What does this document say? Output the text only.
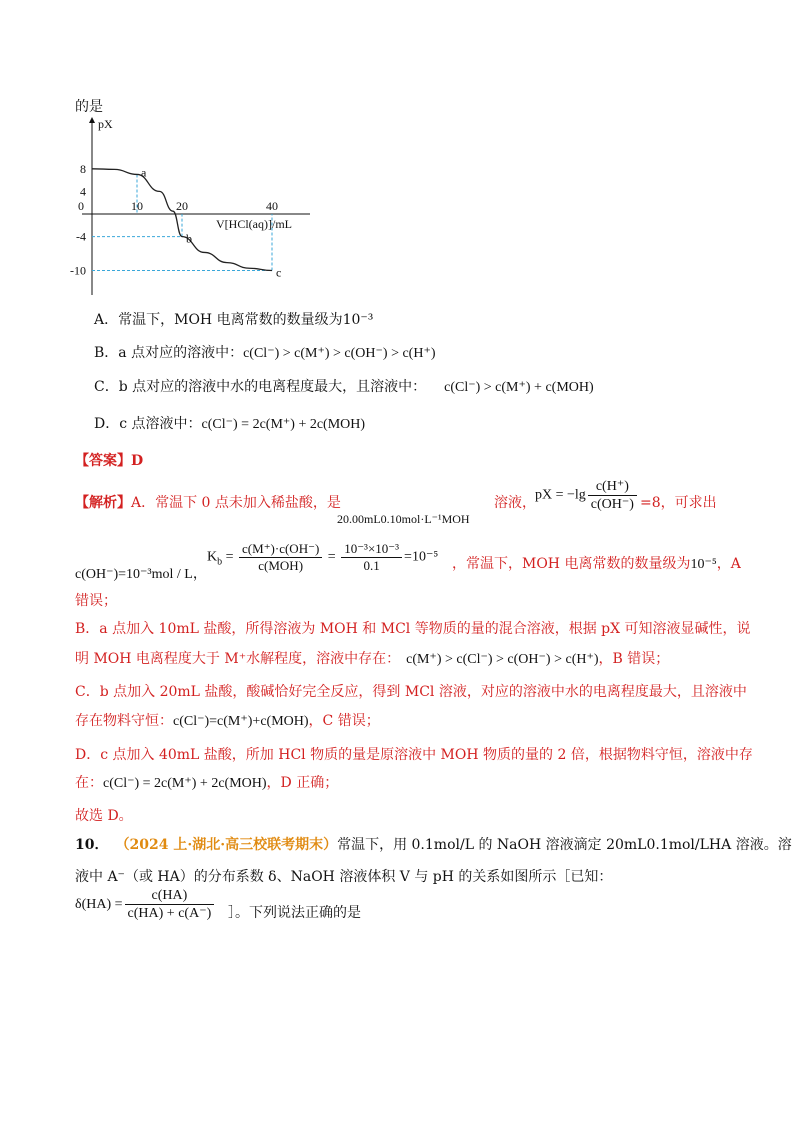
的是
8
4
-4
-10
0	10	20	40
pX
V[HCl(aq)]/mL
a
b
c
A．常温下，MOH 电离常数的数量级为10⁻³
B．a 点对应的溶液中：c(Cl⁻) > c(M⁺) > c(OH⁻) > c(H⁺)
C．b 点对应的溶液中水的电离程度最大，且溶液中： c(Cl⁻) > c(M⁺) + c(MOH)
D．c 点溶液中：c(Cl⁻) = 2c(M⁺) + 2c(MOH)
【答案】D
【解析】A．常温下 0 点未加入稀盐酸，是
20.00mL0.10mol·L⁻¹MOH
溶液， pX = $-\lg \frac{c(H^+)}{c(OH^-)} =8$，可求出
c(OH⁻)=10⁻³mol / L，
$K_b = \frac{c(M^+)\cdot c(OH^-)}{\text{c(MOH)}} = \frac{\text{10⁻³×10⁻³}}{0.1} =10^{-5}$ ，常温下，MOH 电离常数的数量级为10⁻⁵，A
错误；
B．a 点加入 10mL 盐酸，所得溶液为 MOH 和 MCl 等物质的量的混合溶液，根据 pX 可知溶液显碱性，说
明 MOH 电离程度大于 M⁺水解程度，溶液中存在： c(M⁺) > c(Cl⁻) > c(OH⁻) > c(H⁺)，B 错误；
C．b 点加入 20mL 盐酸，酸碱恰好完全反应，得到 MCl 溶液，对应的溶液中水的电离程度最大，且溶液中
存在物料守恒：c(Cl⁻)=c(M⁺)+c(MOH)，C 错误；
D．c 点加入 40mL 盐酸，所加 HCl 物质的量是原溶液中 MOH 物质的量的 2 倍，根据物料守恒，溶液中存
在：c(Cl⁻) = 2c(M⁺) + 2c(MOH)，D 正确；
故选 D。
10． （2024 上·湖北·高三校联考期末）常温下，用 0.1mol/L 的 NaOH 溶液滴定 20mL0.1mol/LHA 溶液。溶
液中 A⁻（或 HA）的分布系数 δ、NaOH 溶液体积 V 与 pH 的关系如图所示［已知：
$\delta(HA) = \frac{c(HA)}{c(HA) + c(A^-)}$ ］。下列说法正确的是
